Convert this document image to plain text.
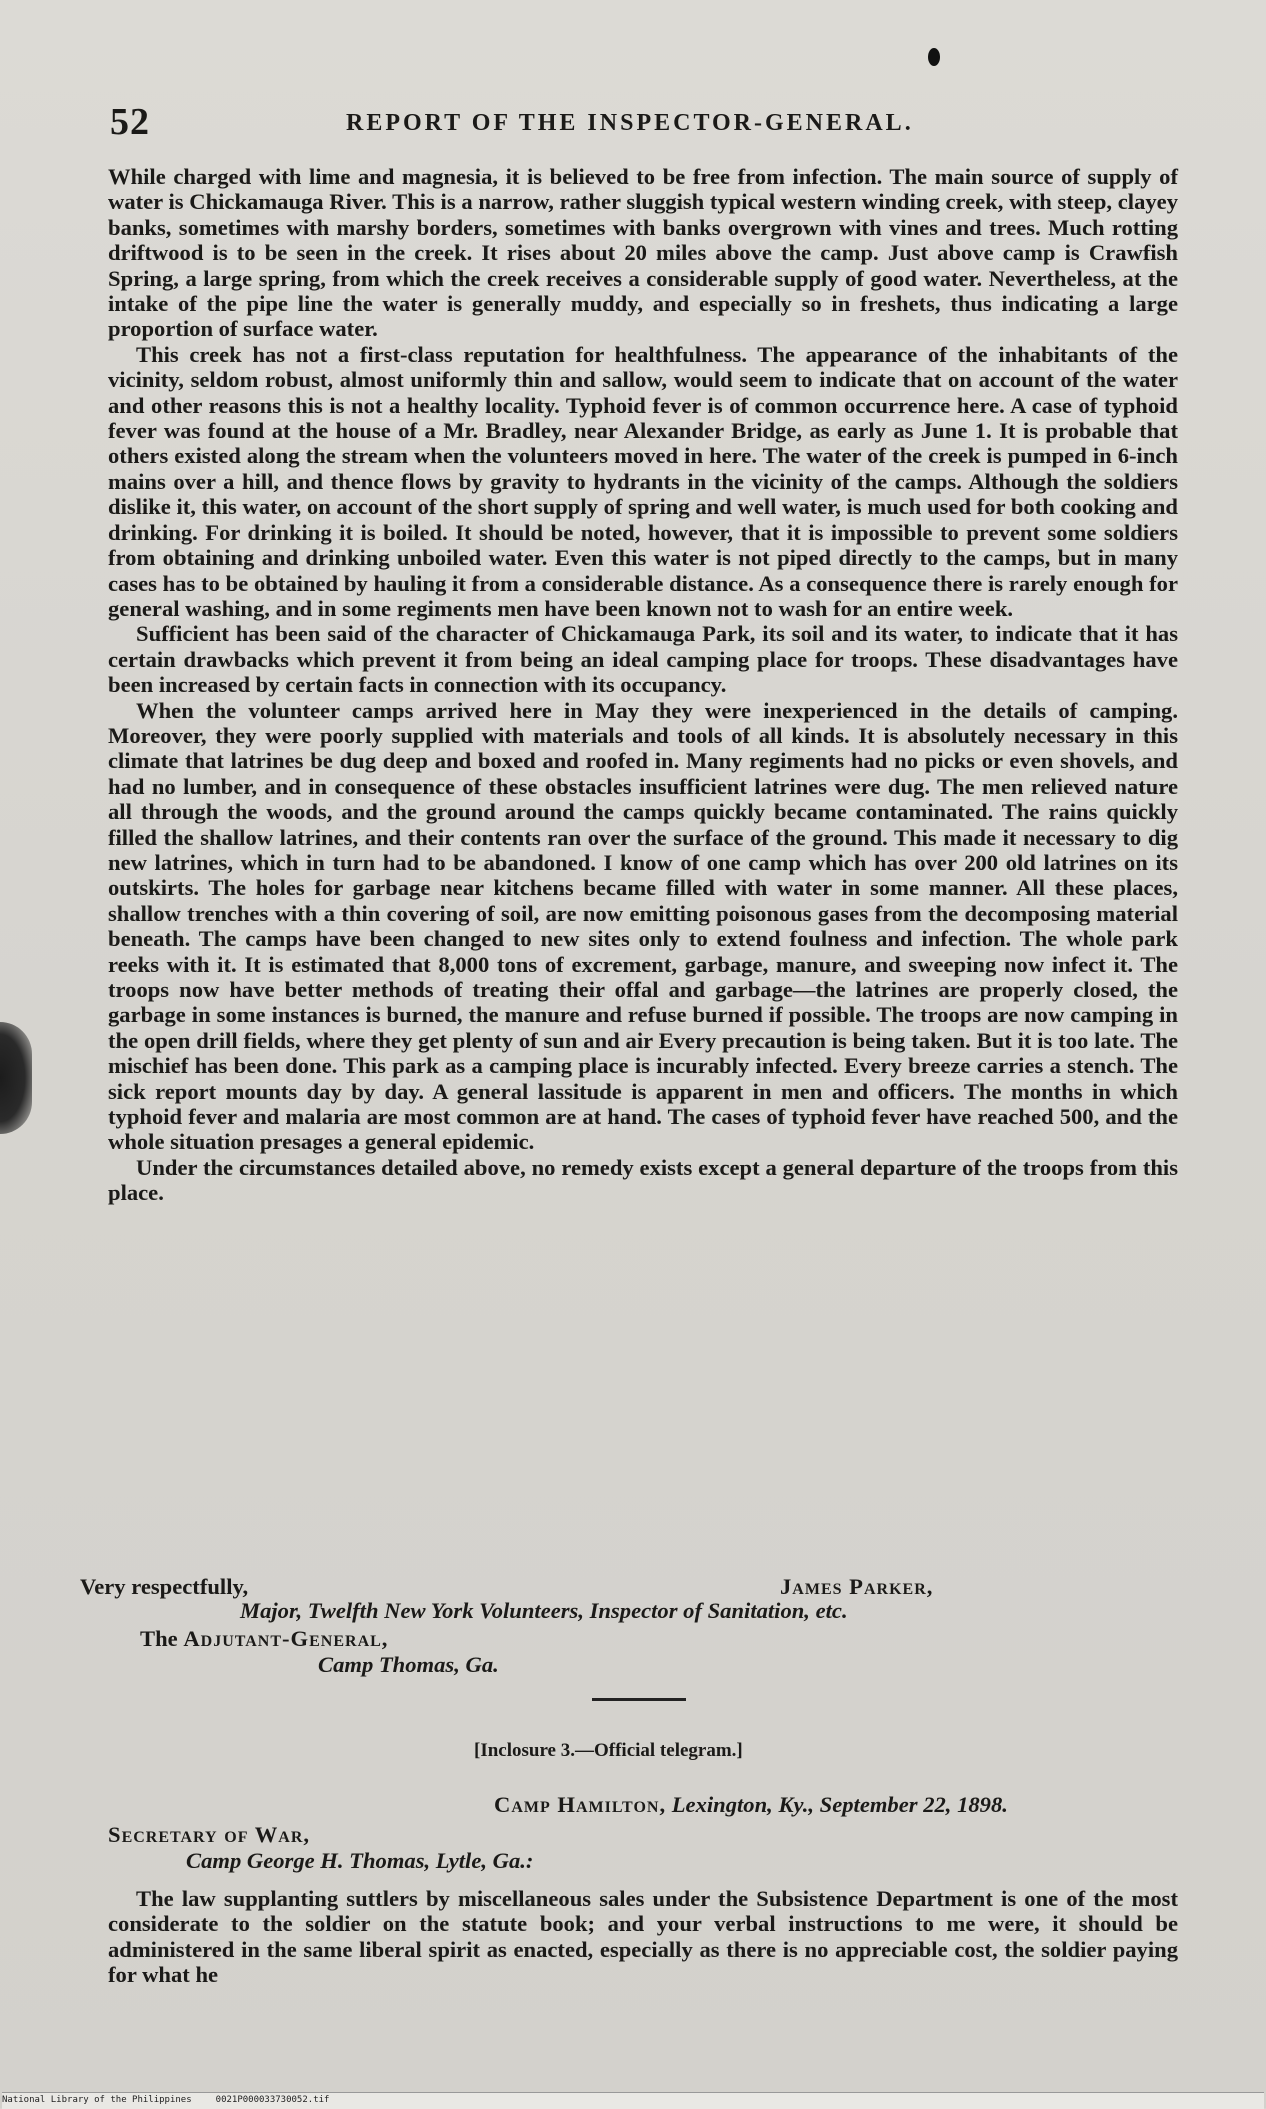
52	REPORT OF THE INSPECTOR-GENERAL.

While charged with lime and magnesia, it is believed to be free from infection. The main source of supply of water is Chickamauga River. This is a narrow, rather sluggish typical western winding creek, with steep, clayey banks, sometimes with marshy borders, sometimes with banks overgrown with vines and trees. Much rotting driftwood is to be seen in the creek. It rises about 20 miles above the camp. Just above camp is Crawfish Spring, a large spring, from which the creek receives a considerable supply of good water. Nevertheless, at the intake of the pipe line the water is generally muddy, and especially so in freshets, thus indicating a large proportion of surface water.

This creek has not a first-class reputation for healthfulness. The appearance of the inhabitants of the vicinity, seldom robust, almost uniformly thin and sallow, would seem to indicate that on account of the water and other reasons this is not a healthy locality. Typhoid fever is of common occurrence here. A case of typhoid fever was found at the house of a Mr. Bradley, near Alexander Bridge, as early as June 1. It is probable that others existed along the stream when the volunteers moved in here. The water of the creek is pumped in 6-inch mains over a hill, and thence flows by gravity to hydrants in the vicinity of the camps. Although the soldiers dislike it, this water, on account of the short supply of spring and well water, is much used for both cooking and drinking. For drinking it is boiled. It should be noted, however, that it is impossible to prevent some soldiers from obtaining and drinking unboiled water. Even this water is not piped directly to the camps, but in many cases has to be obtained by hauling it from a considerable distance. As a consequence there is rarely enough for general washing, and in some regiments men have been known not to wash for an entire week.

Sufficient has been said of the character of Chickamauga Park, its soil and its water, to indicate that it has certain drawbacks which prevent it from being an ideal camping place for troops. These disadvantages have been increased by certain facts in connection with its occupancy.

When the volunteer camps arrived here in May they were inexperienced in the details of camping. Moreover, they were poorly supplied with materials and tools of all kinds. It is absolutely necessary in this climate that latrines be dug deep and boxed and roofed in. Many regiments had no picks or even shovels, and had no lumber, and in consequence of these obstacles insufficient latrines were dug. The men relieved nature all through the woods, and the ground around the camps quickly became contaminated. The rains quickly filled the shallow latrines, and their contents ran over the surface of the ground. This made it necessary to dig new latrines, which in turn had to be abandoned. I know of one camp which has over 200 old latrines on its outskirts. The holes for garbage near kitchens became filled with water in some manner. All these places, shallow trenches with a thin covering of soil, are now emitting poisonous gases from the decomposing material beneath. The camps have been changed to new sites only to extend foulness and infection. The whole park reeks with it. It is estimated that 8,000 tons of excrement, garbage, manure, and sweeping now infect it. The troops now have better methods of treating their offal and garbage—the latrines are properly closed, the garbage in some instances is burned, the manure and refuse burned if possible. The troops are now camping in the open drill fields, where they get plenty of sun and air Every precaution is being taken. But it is too late. The mischief has been done. This park as a camping place is incurably infected. Every breeze carries a stench. The sick report mounts day by day. A general lassitude is apparent in men and officers. The months in which typhoid fever and malaria are most common are at hand. The cases of typhoid fever have reached 500, and the whole situation presages a general epidemic.

Under the circumstances detailed above, no remedy exists except a general departure of the troops from this place.

Very respectfully,	James Parker,
Major, Twelfth New York Volunteers, Inspector of Sanitation, etc.
The Adjutant-General,
Camp Thomas, Ga.
[Inclosure 3.—Official telegram.]
Camp Hamilton, Lexington, Ky., September 22, 1898.
Secretary of War,
Camp George H. Thomas, Lytle, Ga.:
The law supplanting suttlers by miscellaneous sales under the Subsistence Department is one of the most considerate to the soldier on the statute book; and your verbal instructions to me were, it should be administered in the same liberal spirit as enacted, especially as there is no appreciable cost, the soldier paying for what he
National Library of the Philippines	0021P000033730052.tif
